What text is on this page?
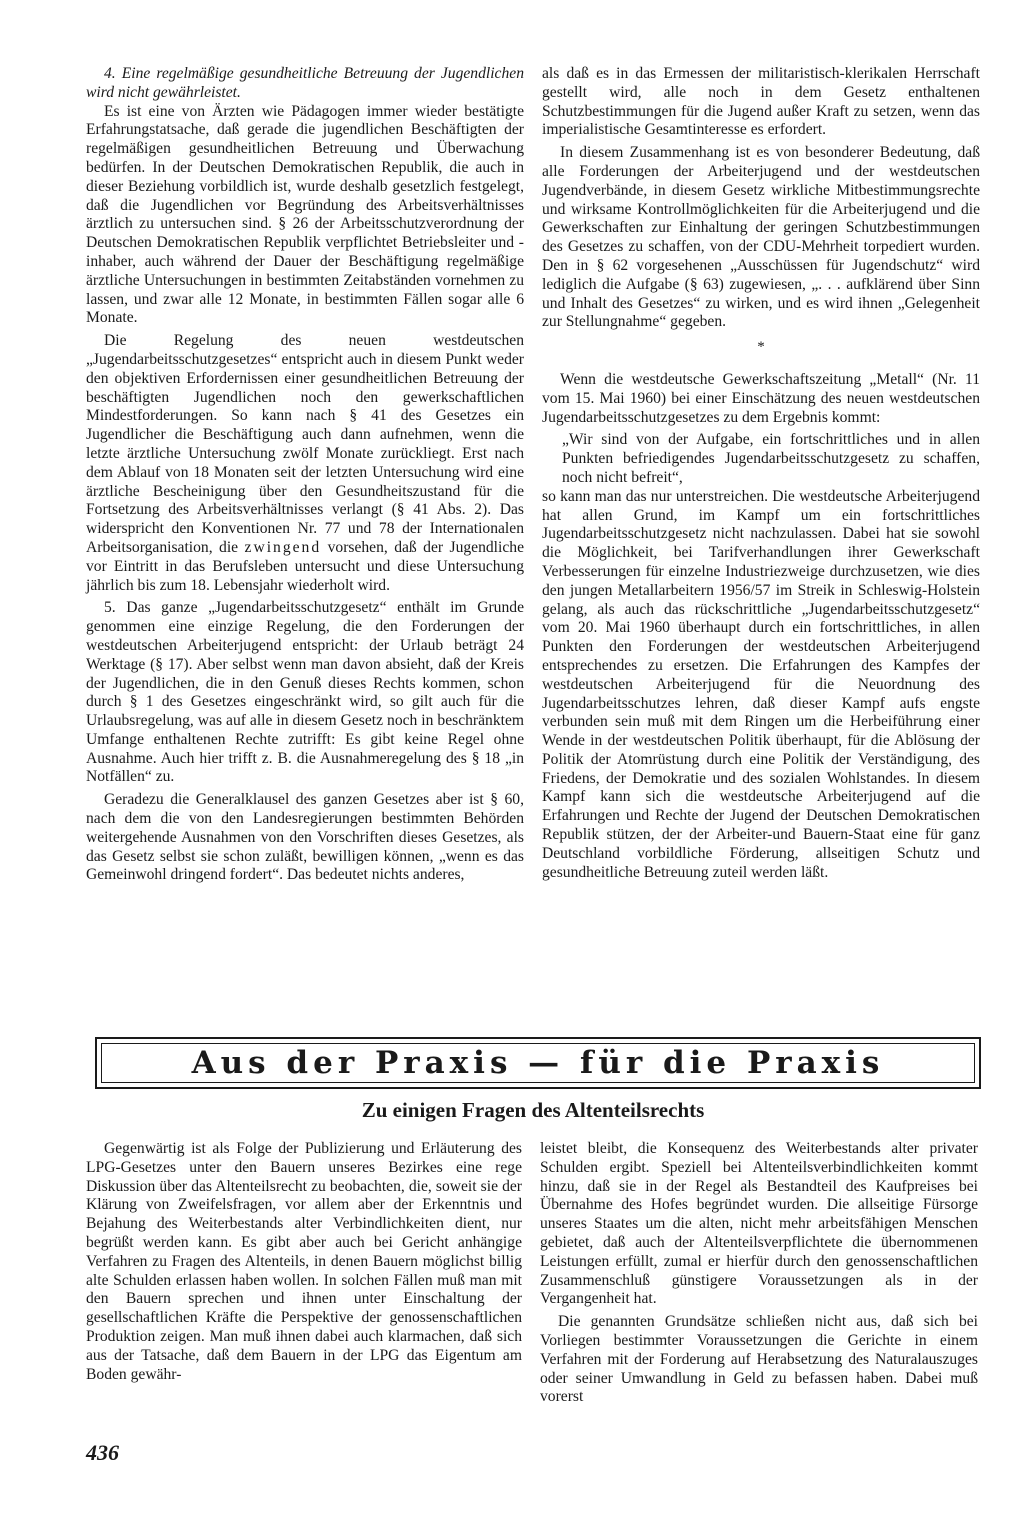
4. Eine regelmäßige gesundheitliche Betreuung der Jugendlichen wird nicht gewährleistet.

Es ist eine von Ärzten wie Pädagogen immer wieder bestätigte Erfahrungstatsache, daß gerade die jugendlichen Beschäftigten der regelmäßigen gesundheitlichen Betreuung und Überwachung bedürfen. In der Deutschen Demokratischen Republik, die auch in dieser Beziehung vorbildlich ist, wurde deshalb gesetzlich festgelegt, daß die Jugendlichen vor Begründung des Arbeitsverhältnisses ärztlich zu untersuchen sind. § 26 der Arbeitsschutzverordnung der Deutschen Demokratischen Republik verpflichtet Betriebsleiter und -inhaber, auch während der Dauer der Beschäftigung regelmäßige ärztliche Untersuchungen in bestimmten Zeitabständen vornehmen zu lassen, und zwar alle 12 Monate, in bestimmten Fällen sogar alle 6 Monate.

Die Regelung des neuen westdeutschen „Jugendarbeitsschutzgesetzes“ entspricht auch in diesem Punkt weder den objektiven Erfordernissen einer gesundheitlichen Betreuung der beschäftigten Jugendlichen noch den gewerkschaftlichen Mindestforderungen. So kann nach § 41 des Gesetzes ein Jugendlicher die Beschäftigung auch dann aufnehmen, wenn die letzte ärztliche Untersuchung zwölf Monate zurückliegt. Erst nach dem Ablauf von 18 Monaten seit der letzten Untersuchung wird eine ärztliche Bescheinigung über den Gesundheitszustand für die Fortsetzung des Arbeitsverhältnisses verlangt (§ 41 Abs. 2). Das widerspricht den Konventionen Nr. 77 und 78 der Internationalen Arbeitsorganisation, die zwingend vorsehen, daß der Jugendliche vor Eintritt in das Berufsleben untersucht und diese Untersuchung jährlich bis zum 18. Lebensjahr wiederholt wird.

5. Das ganze „Jugendarbeitsschutzgesetz“ enthält im Grunde genommen eine einzige Regelung, die den Forderungen der westdeutschen Arbeiterjugend entspricht: der Urlaub beträgt 24 Werktage (§ 17). Aber selbst wenn man davon absieht, daß der Kreis der Jugendlichen, die in den Genuß dieses Rechts kommen, schon durch § 1 des Gesetzes eingeschränkt wird, so gilt auch für die Urlaubsregelung, was auf alle in diesem Gesetz noch in beschränktem Umfange enthaltenen Rechte zutrifft: Es gibt keine Regel ohne Ausnahme. Auch hier trifft z. B. die Ausnahmeregelung des § 18 „in Notfällen“ zu.

Geradezu die Generalklausel des ganzen Gesetzes aber ist § 60, nach dem die von den Landesregierungen bestimmten Behörden weitergehende Ausnahmen von den Vorschriften dieses Gesetzes, als das Gesetz selbst sie schon zuläßt, bewilligen können, „wenn es das Gemeinwohl dringend fordert“. Das bedeutet nichts anderes,

als daß es in das Ermessen der militaristisch-klerikalen Herrschaft gestellt wird, alle noch in dem Gesetz enthaltenen Schutzbestimmungen für die Jugend außer Kraft zu setzen, wenn das imperialistische Gesamtinteresse es erfordert.

In diesem Zusammenhang ist es von besonderer Bedeutung, daß alle Forderungen der Arbeiterjugend und der westdeutschen Jugendverbände, in diesem Gesetz wirkliche Mitbestimmungsrechte und wirksame Kontrollmöglichkeiten für die Arbeiterjugend und die Gewerkschaften zur Einhaltung der geringen Schutzbestimmungen des Gesetzes zu schaffen, von der CDU-Mehrheit torpediert wurden. Den in § 62 vorgesehenen „Ausschüssen für Jugendschutz“ wird lediglich die Aufgabe (§ 63) zugewiesen, „. . . aufklärend über Sinn und Inhalt des Gesetzes“ zu wirken, und es wird ihnen „Gelegenheit zur Stellungnahme“ gegeben.

*

Wenn die westdeutsche Gewerkschaftszeitung „Metall“ (Nr. 11 vom 15. Mai 1960) bei einer Einschätzung des neuen westdeutschen Jugendarbeitsschutzgesetzes zu dem Ergebnis kommt:

„Wir sind von der Aufgabe, ein fortschrittliches und in allen Punkten befriedigendes Jugendarbeitsschutzgesetz zu schaffen, noch nicht befreit“,

so kann man das nur unterstreichen. Die westdeutsche Arbeiterjugend hat allen Grund, im Kampf um ein fortschrittliches Jugendarbeitsschutzgesetz nicht nachzulassen. Dabei hat sie sowohl die Möglichkeit, bei Tarifverhandlungen ihrer Gewerkschaft Verbesserungen für einzelne Industriezweige durchzusetzen, wie dies den jungen Metallarbeitern 1956/57 im Streik in Schleswig-Holstein gelang, als auch das rückschrittliche „Jugendarbeitsschutzgesetz“ vom 20. Mai 1960 überhaupt durch ein fortschrittliches, in allen Punkten den Forderungen der westdeutschen Arbeiterjugend entsprechendes zu ersetzen. Die Erfahrungen des Kampfes der westdeutschen Arbeiterjugend für die Neuordnung des Jugendarbeitsschutzes lehren, daß dieser Kampf aufs engste verbunden sein muß mit dem Ringen um die Herbeiführung einer Wende in der westdeutschen Politik überhaupt, für die Ablösung der Politik der Atomrüstung durch eine Politik der Verständigung, des Friedens, der Demokratie und des sozialen Wohlstandes. In diesem Kampf kann sich die westdeutsche Arbeiterjugend auf die Erfahrungen und Rechte der Jugend der Deutschen Demokratischen Republik stützen, der der Arbeiter-und Bauern-Staat eine für ganz Deutschland vorbildliche Förderung, allseitigen Schutz und gesundheitliche Betreuung zuteil werden läßt.

Aus der Praxis — für die Praxis
Zu einigen Fragen des Altenteilsrechts

Gegenwärtig ist als Folge der Publizierung und Erläuterung des LPG-Gesetzes unter den Bauern unseres Bezirkes eine rege Diskussion über das Altenteilsrecht zu beobachten, die, soweit sie der Klärung von Zweifelsfragen, vor allem aber der Erkenntnis und Bejahung des Weiterbestands alter Verbindlichkeiten dient, nur begrüßt werden kann. Es gibt aber auch bei Gericht anhängige Verfahren zu Fragen des Altenteils, in denen Bauern möglichst billig alte Schulden erlassen haben wollen. In solchen Fällen muß man mit den Bauern sprechen und ihnen unter Einschaltung der gesellschaftlichen Kräfte die Perspektive der genossenschaftlichen Produktion zeigen. Man muß ihnen dabei auch klarmachen, daß sich aus der Tatsache, daß dem Bauern in der LPG das Eigentum am Boden gewähr-

leistet bleibt, die Konsequenz des Weiterbestands alter privater Schulden ergibt. Speziell bei Altenteilsverbindlichkeiten kommt hinzu, daß sie in der Regel als Bestandteil des Kaufpreises bei Übernahme des Hofes begründet wurden. Die allseitige Fürsorge unseres Staates um die alten, nicht mehr arbeitsfähigen Menschen gebietet, daß auch der Altenteilsverpflichtete die übernommenen Leistungen erfüllt, zumal er hierfür durch den genossenschaftlichen Zusammenschluß günstigere Voraussetzungen als in der Vergangenheit hat.

Die genannten Grundsätze schließen nicht aus, daß sich bei Vorliegen bestimmter Voraussetzungen die Gerichte in einem Verfahren mit der Forderung auf Herabsetzung des Naturalauszuges oder seiner Umwandlung in Geld zu befassen haben. Dabei muß vorerst

436
